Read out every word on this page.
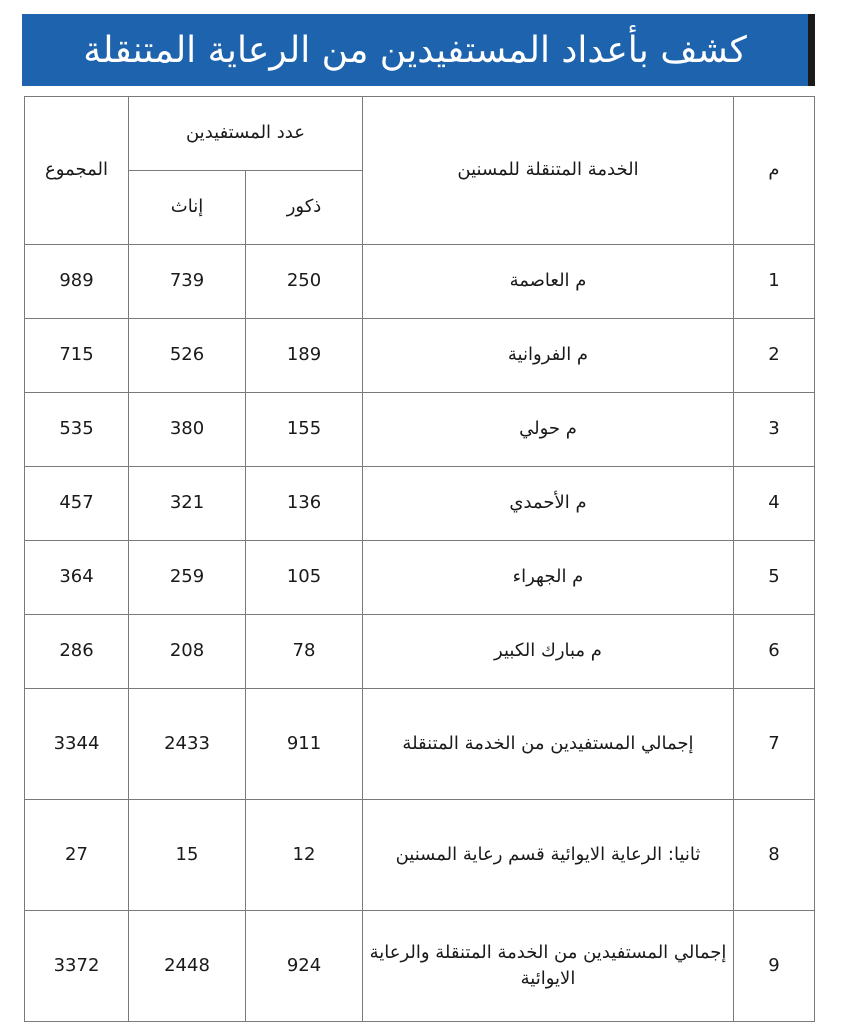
كشف بأعداد المستفيدين من الرعاية المتنقلة
م	الخدمة المتنقلة للمسنين	عدد المستفيدين		المجموع
		ذكور	إناث	
1	م العاصمة	250	739	989
2	م الفروانية	189	526	715
3	م حولي	155	380	535
4	م الأحمدي	136	321	457
5	م الجهراء	105	259	364
6	م مبارك الكبير	78	208	286
7	إجمالي المستفيدين من الخدمة المتنقلة	911	2433	3344
8	ثانيا: الرعاية الايوائية قسم رعاية المسنين	12	15	27
9	إجمالي المستفيدين من الخدمة المتنقلة والرعاية الايوائية	924	2448	3372
